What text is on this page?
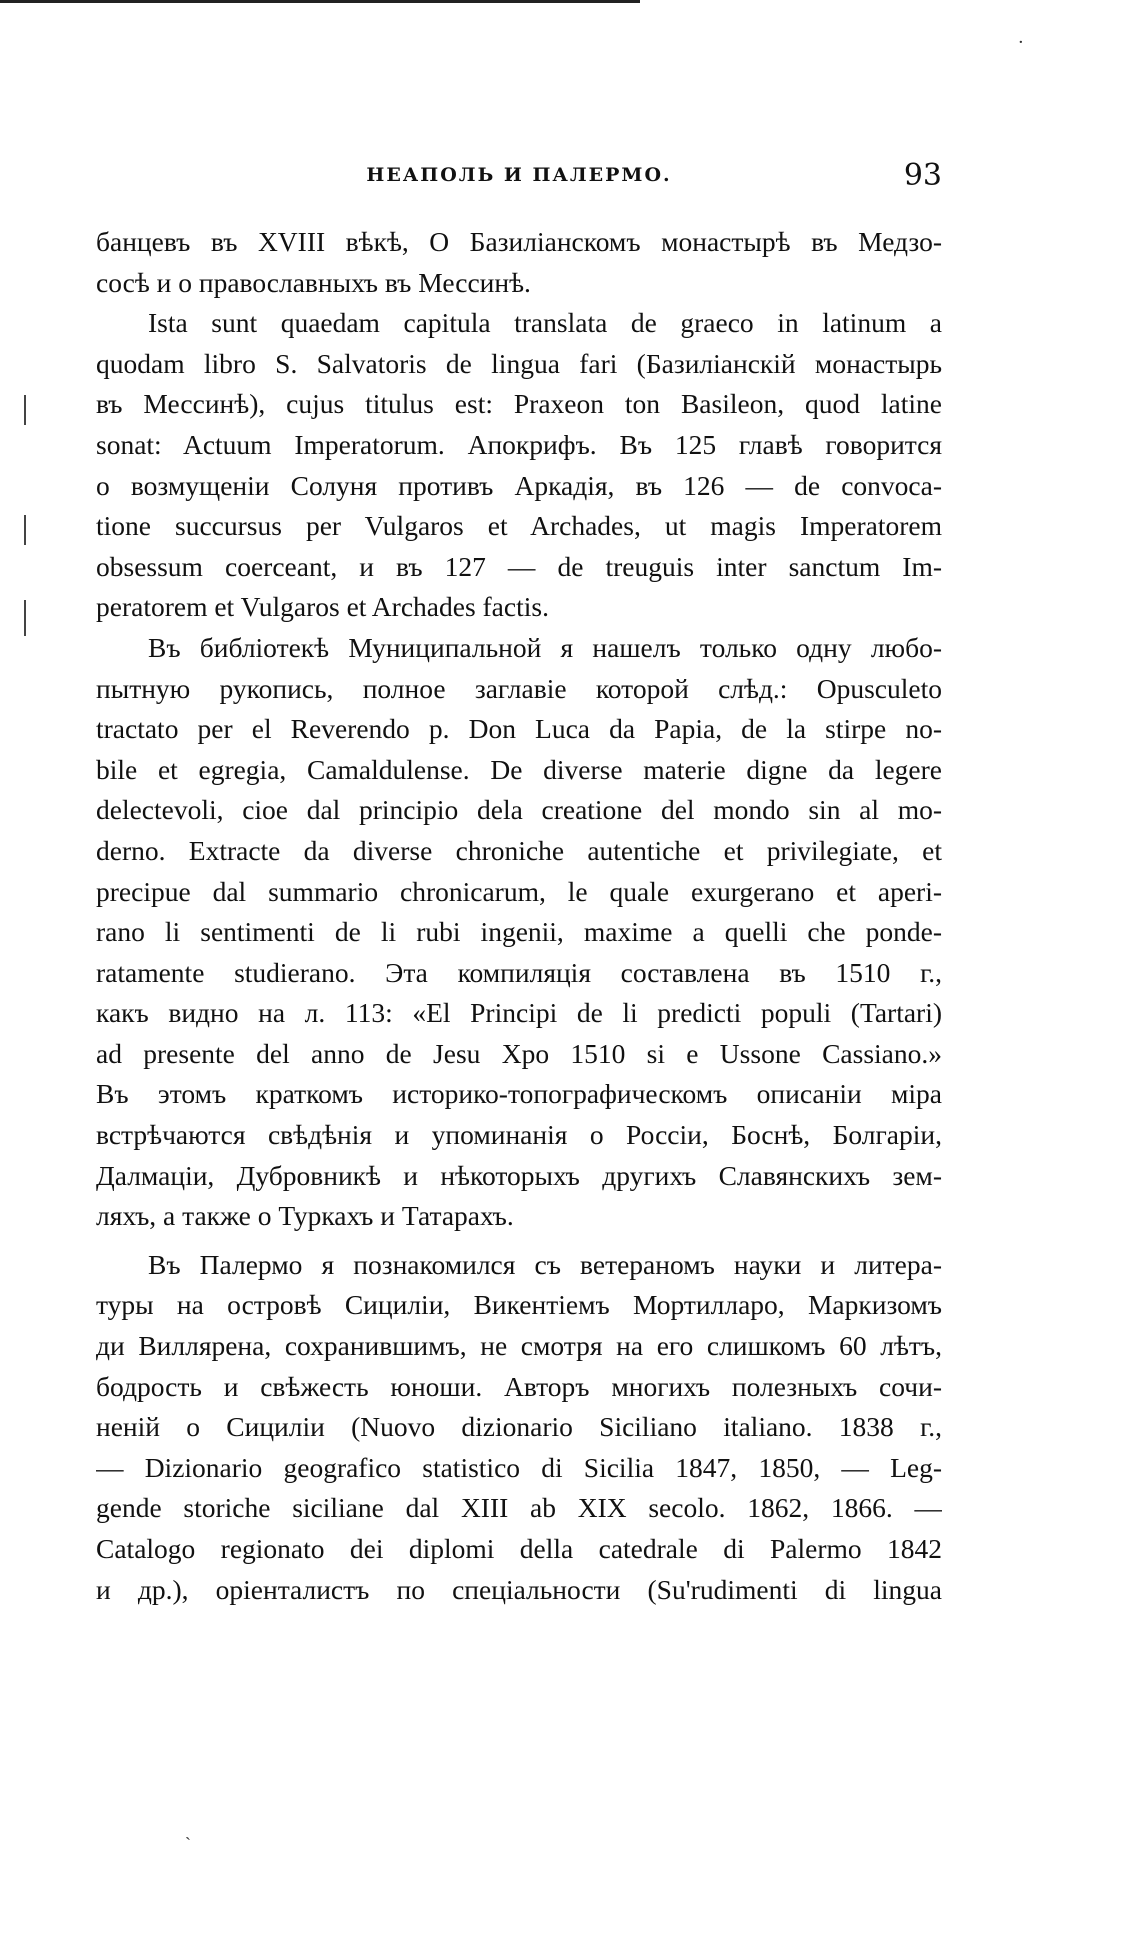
·
ˏ
НЕАПОЛЬ И ПАЛЕРМО.	93
банцевъ въ XVIII вѣкѣ, О Базиліанскомъ монастырѣ въ Медзо-
сосѣ и о православныхъ въ Мессинѣ.
Ista sunt quaedam capitula translata de graeco in latinum a
quodam libro S. Salvatoris de lingua fari (Базиліанскій монастырь
въ Мессинѣ), cujus titulus est: Praxeon ton Basileon, quod latine
sonat: Actuum Imperatorum. Апокрифъ. Въ 125 главѣ говорится
о возмущеніи Солуня противъ Аркадія, въ 126 — de convoca-
tione succursus per Vulgaros et Archades, ut magis Imperatorem
obsessum coerceant, и въ 127 — de treuguis inter sanctum Im-
peratorem et Vulgaros et Archades factis.
Въ библіотекѣ Муниципальной я нашелъ только одну любо-
пытную рукопись, полное заглавіе которой слѣд.: Opusculeto
tractato per el Reverendo p. Don Luca da Papia, de la stirpe no-
bile et egregia, Camaldulense. De diverse materie digne da legere
delectevoli, cioe dal principio dela creatione del mondo sin al mo-
derno. Extracte da diverse chroniche autentiche et privilegiate, et
precipue dal summario chronicarum, le quale exurgerano et aperi-
rano li sentimenti de li rubi ingenii, maxime a quelli che ponde-
ratamente studierano. Эта компиляція составлена въ 1510 г.,
какъ видно на л. 113: «El Principi de li predicti populi (Tartari)
ad presente del anno de Jesu Xpo 1510 si e Ussone Cassiano.»
Въ этомъ краткомъ историко-топографическомъ описаніи міра
встрѣчаются свѣдѣнія и упоминанія о Россіи, Боснѣ, Болгаріи,
Далмаціи, Дубровникѣ и нѣкоторыхъ другихъ Славянскихъ зем-
ляхъ, а также о Туркахъ и Татарахъ.
Въ Палермо я познакомился съ ветераномъ науки и литера-
туры на островѣ Сициліи, Викентіемъ Мортилларо, Маркизомъ
ди Виллярена, сохранившимъ, не смотря на его слишкомъ 60 лѣтъ,
бодрость и свѣжесть юноши. Авторъ многихъ полезныхъ сочи-
неній о Сициліи (Nuovo dizionario Siciliano italiano. 1838 г.,
— Dizionario geografico statistico di Sicilia 1847, 1850, — Leg-
gende storiche siciliane dal XIII ab XIX secolo. 1862, 1866. —
Catalogo regionato dei diplomi della catedrale di Palermo 1842
и др.), оріенталистъ по спеціальности (Su'rudimenti di lingua
